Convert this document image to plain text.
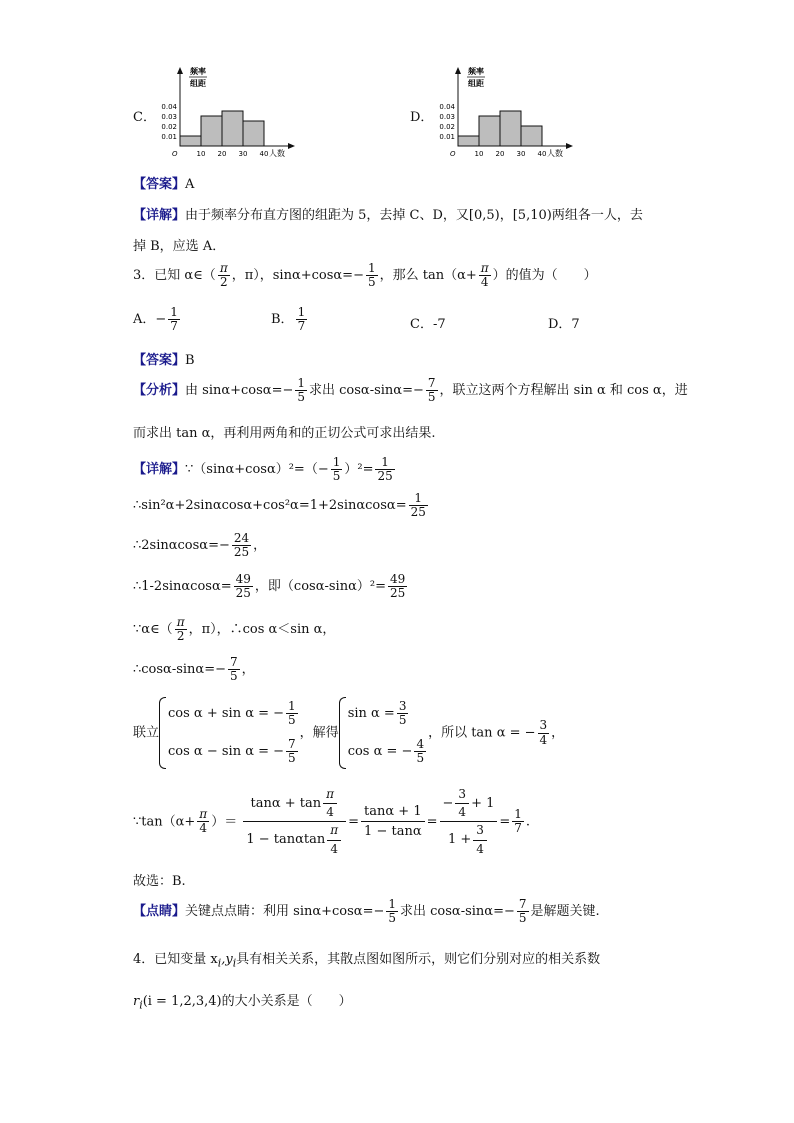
C．
频率
组距
0.01
0.02
0.03
0.04
O	10 20 30 40 人数
D．
频率
组距
0.01
0.02
0.03
0.04
O	10 20 30 40 人数
【答案】A
【详解】由于频率分布直方图的组距为 5，去掉 C、D，又[0,5)，[5,10)两组各一人，去
掉 B，应选 A．
3．已知 α∈（ $\frac{\pi}{2}$ ，π），$\sin\alpha+\cos\alpha=- \frac{1}{5}$ ，那么 $\tan(\alpha+ \frac{\pi}{4}$ ）的值为（　　）
A．− $\frac{1}{7}$	B． $\frac{1}{7}$	C．-7	D．7
【答案】B
【分析】由 $\sin\alpha+\cos\alpha=- \frac{1}{5}$ 求出 $\cos\alpha-\sin\alpha=- \frac{7}{5}$ ，联立这两个方程解出 sin α 和 cos α，进
而求出 tan α，再利用两角和的正切公式可求出结果.
【详解】∵（sinα+cosα）²=（− $\frac{1}{5} )^2= \frac{1}{25}$
∴sin²α+2sinαcosα+cos²α=1+2sinαcosα= $\frac{1}{25}$
∴2sinαcosα=− $\frac{24}{25}$ ，
∴1-2sinαcosα= $\frac{49}{25}$ ，即$(\cos\alpha-\sin\alpha)^2= \frac{49}{25}$
∵α∈（ $\frac{\pi}{2}$ ，π），∴cos α＜sin α，
∴cosα-sinα=− $\frac{7}{5}$ ，
联立
cos α + sin α = − $\frac{1}{5}$
cos α − sin α = − $\frac{7}{5}$
，解得
$\sin \alpha = \frac{3}{5}$
cos α = − $\frac{4}{5}$
，所以 tan α = − $\frac{3}{4}$ ，
∵tan（α+ $\frac{\pi}{4}$ ）＝ $\frac{\tan\alpha + \tan \frac{\pi}{4}}{1 - \tan\alpha\tan \frac{\pi}{4}} = \frac{\tan\alpha + 1}{1 - \tan\alpha} = \frac{- \frac{3}{4} + 1}{1 + \frac{3}{4}} = \frac{1}{7}$ .
故选：B.
【点睛】关键点点睛：利用 $\sin\alpha+\cos\alpha=- \frac{1}{5}$ 求出 $\cos\alpha-\sin\alpha=- \frac{7}{5}$ 是解题关键.
4．已知变量 $x_i,y_i$具有相关关系，其散点图如图所示，则它们分别对应的相关系数
$r_i(i = 1,2,3,4)$的大小关系是（　　）
